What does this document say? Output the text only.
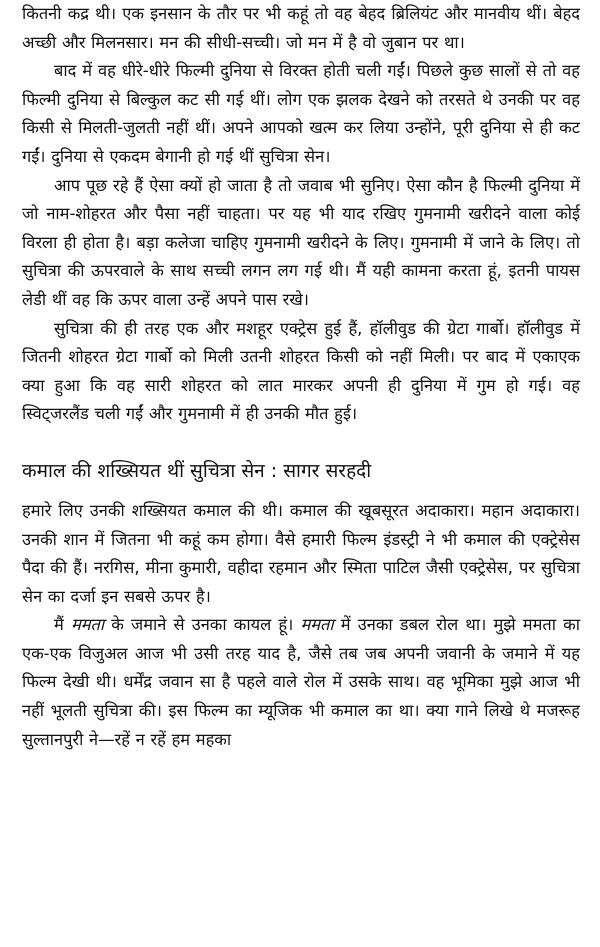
कितनी कद्र थी। एक इनसान के तौर पर भी कहूं तो वह बेहद ब्रिलियंट और मानवीय थीं। बेहद अच्छी और मिलनसार। मन की सीधी-सच्ची। जो मन में है वो जुबान पर था।

बाद में वह धीरे-धीरे फिल्मी दुनिया से विरक्त होती चली गईं। पिछले कुछ सालों से तो वह फिल्मी दुनिया से बिल्कुल कट सी गई थीं। लोग एक झलक देखने को तरसते थे उनकी पर वह किसी से मिलती-जुलती नहीं थीं। अपने आपको खत्म कर लिया उन्होंने, पूरी दुनिया से ही कट गईं। दुनिया से एकदम बेगानी हो गई थीं सुचित्रा सेन।

आप पूछ रहे हैं ऐसा क्यों हो जाता है तो जवाब भी सुनिए। ऐसा कौन है फिल्मी दुनिया में जो नाम-शोहरत और पैसा नहीं चाहता। पर यह भी याद रखिए गुमनामी खरीदने वाला कोई विरला ही होता है। बड़ा कलेजा चाहिए गुमनामी खरीदने के लिए। गुमनामी में जाने के लिए। तो सुचित्रा की ऊपरवाले के साथ सच्ची लगन लग गई थी। मैं यही कामना करता हूं, इतनी पायस लेडी थीं वह कि ऊपर वाला उन्हें अपने पास रखे।

सुचित्रा की ही तरह एक और मशहूर एक्ट्रेस हुई हैं, हॉलीवुड की ग्रेटा गार्बो। हॉलीवुड में जितनी शोहरत ग्रेटा गार्बो को मिली उतनी शोहरत किसी को नहीं मिली। पर बाद में एकाएक क्या हुआ कि वह सारी शोहरत को लात मारकर अपनी ही दुनिया में गुम हो गई। वह स्विट्जरलैंड चली गईं और गुमनामी में ही उनकी मौत हुई।

कमाल की शख्सियत थीं सुचित्रा सेन : सागर सरहदी

हमारे लिए उनकी शख्सियत कमाल की थी। कमाल की खूबसूरत अदाकारा। महान अदाकारा। उनकी शान में जितना भी कहूं कम होगा। वैसे हमारी फिल्म इंडस्ट्री ने भी कमाल की एक्ट्रेसेस पैदा की हैं। नरगिस, मीना कुमारी, वहीदा रहमान और स्मिता पाटिल जैसी एक्ट्रेसेस, पर सुचित्रा सेन का दर्जा इन सबसे ऊपर है।

मैं ममता के जमाने से उनका कायल हूं। ममता में उनका डबल रोल था। मुझे ममता का एक-एक विजुअल आज भी उसी तरह याद है, जैसे तब जब अपनी जवानी के जमाने में यह फिल्म देखी थी। धर्मेंद्र जवान सा है पहले वाले रोल में उसके साथ। वह भूमिका मुझे आज भी नहीं भूलती सुचित्रा की। इस फिल्म का म्यूजिक भी कमाल का था। क्या गाने लिखे थे मजरूह सुल्तानपुरी ने—रहें न रहें हम महका
